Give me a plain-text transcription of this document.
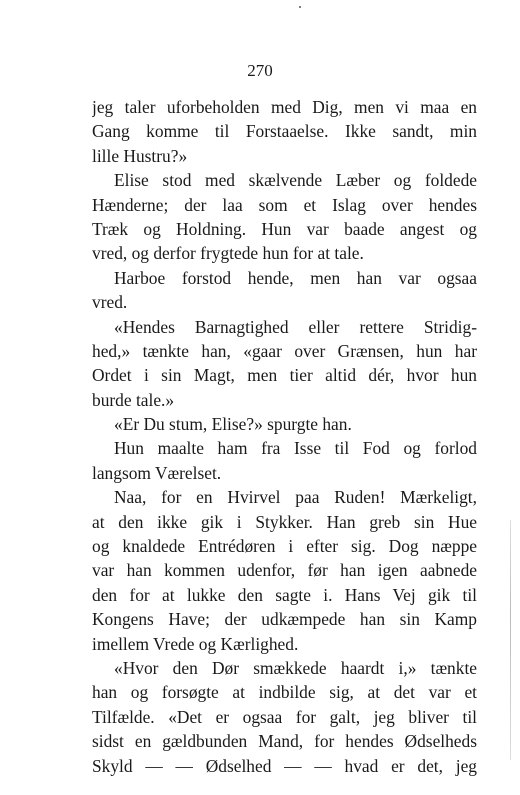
270
jeg taler uforbeholden med Dig, men vi maa en
Gang komme til Forstaaelse. Ikke sandt, min
lille Hustru?»
Elise stod med skælvende Læber og foldede
Hænderne; der laa som et Islag over hendes
Træk og Holdning. Hun var baade angest og
vred, og derfor frygtede hun for at tale.
Harboe forstod hende, men han var ogsaa
vred.
«Hendes Barnagtighed eller rettere Stridig-
hed,» tænkte han, «gaar over Grænsen, hun har
Ordet i sin Magt, men tier altid dér, hvor hun
burde tale.»
«Er Du stum, Elise?» spurgte han.
Hun maalte ham fra Isse til Fod og forlod
langsom Værelset.
Naa, for en Hvirvel paa Ruden! Mærkeligt,
at den ikke gik i Stykker. Han greb sin Hue
og knaldede Entrédøren i efter sig. Dog næppe
var han kommen udenfor, før han igen aabnede
den for at lukke den sagte i. Hans Vej gik til
Kongens Have; der udkæmpede han sin Kamp
imellem Vrede og Kærlighed.
«Hvor den Dør smækkede haardt i,» tænkte
han og forsøgte at indbilde sig, at det var et
Tilfælde. «Det er ogsaa for galt, jeg bliver til
sidst en gældbunden Mand, for hendes Ødselheds
Skyld — — Ødselhed — — hvad er det, jeg
